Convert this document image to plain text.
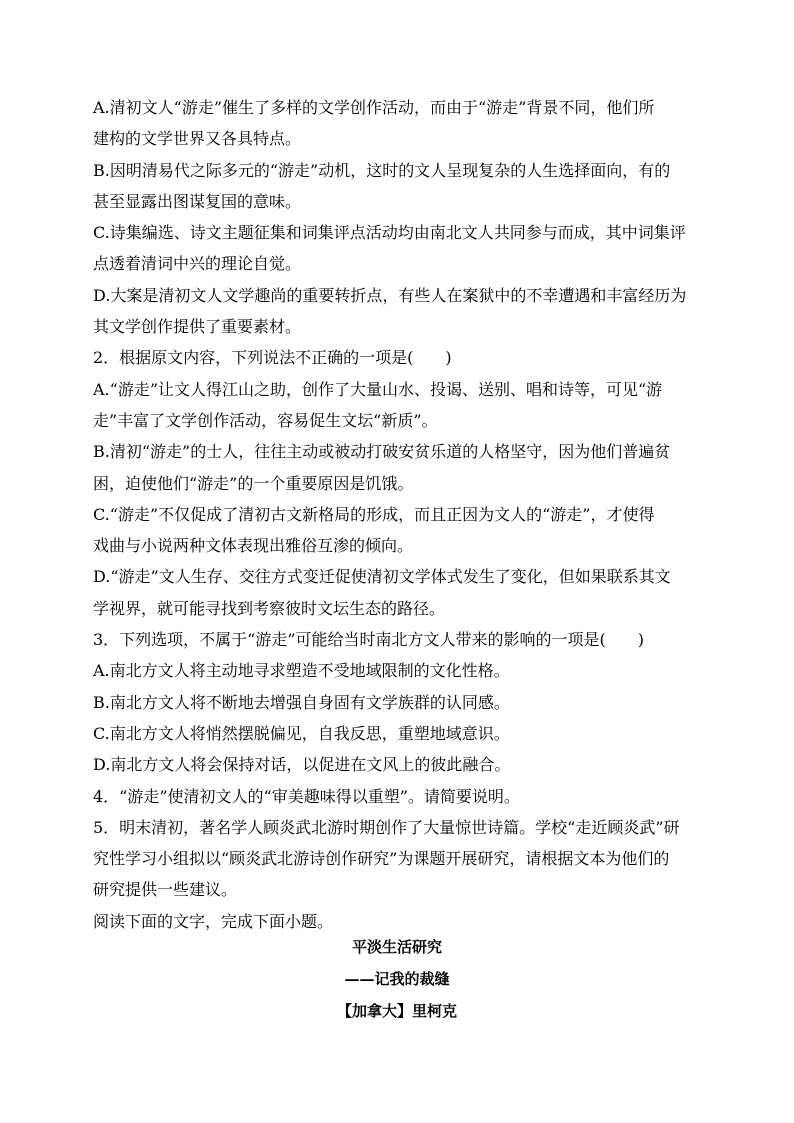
A.清初文人“游走”催生了多样的文学创作活动，而由于“游走”背景不同，他们所
建构的文学世界又各具特点。
B.因明清易代之际多元的“游走”动机，这时的文人呈现复杂的人生选择面向，有的
甚至显露出图谋复国的意味。
C.诗集编选、诗文主题征集和词集评点活动均由南北文人共同参与而成，其中词集评
点透着清词中兴的理论自觉。
D.大案是清初文人文学趣尚的重要转折点，有些人在案狱中的不幸遭遇和丰富经历为
其文学创作提供了重要素材。
2．根据原文内容，下列说法不正确的一项是(　　)
A.“游走”让文人得江山之助，创作了大量山水、投谒、送别、唱和诗等，可见“游
走”丰富了文学创作活动，容易促生文坛“新质”。
B.清初“游走”的士人，往往主动或被动打破安贫乐道的人格坚守，因为他们普遍贫
困，迫使他们“游走”的一个重要原因是饥饿。
C.“游走”不仅促成了清初古文新格局的形成，而且正因为文人的“游走”，才使得
戏曲与小说两种文体表现出雅俗互渗的倾向。
D.“游走”文人生存、交往方式变迁促使清初文学体式发生了变化，但如果联系其文
学视界，就可能寻找到考察彼时文坛生态的路径。
3．下列选项，不属于“游走”可能给当时南北方文人带来的影响的一项是(　　)
A.南北方文人将主动地寻求塑造不受地域限制的文化性格。
B.南北方文人将不断地去增强自身固有文学族群的认同感。
C.南北方文人将悄然摆脱偏见，自我反思，重塑地域意识。
D.南北方文人将会保持对话，以促进在文风上的彼此融合。
4．“游走”使清初文人的“审美趣味得以重塑”。请简要说明。
5．明末清初，著名学人顾炎武北游时期创作了大量惊世诗篇。学校“走近顾炎武”研
究性学习小组拟以“顾炎武北游诗创作研究”为课题开展研究，请根据文本为他们的
研究提供一些建议。
阅读下面的文字，完成下面小题。
平淡生活研究
——记我的裁缝
【加拿大】里柯克
